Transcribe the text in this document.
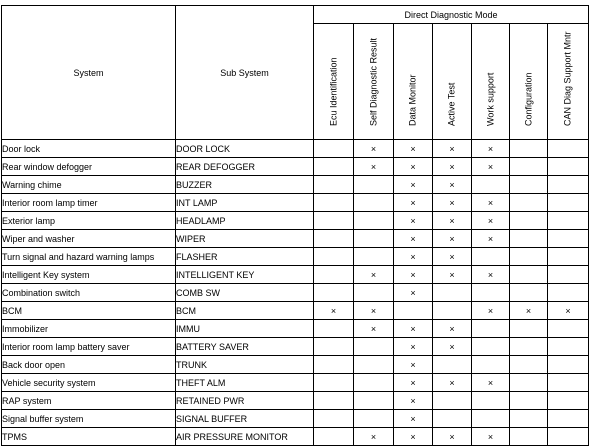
System	Sub System	Direct Diagnostic Mode						

		Ecu Identification	Self Diagnostic Result	Data Monitor	Active Test	Work support	Configuration	CAN Diag Support Mntr

Door lock	DOOR LOCK		×	×	×	×		
Rear window defogger	REAR DEFOGGER		×	×	×	×		
Warning chime	BUZZER			×	×			
Interior room lamp timer	INT LAMP			×	×	×		
Exterior lamp	HEADLAMP			×	×	×		
Wiper and washer	WIPER			×	×	×		
Turn signal and hazard warning lamps	FLASHER			×	×			
Intelligent Key system	INTELLIGENT KEY		×	×	×	×		
Combination switch	COMB SW			×				
BCM	BCM	×	×			×	×	×
Immobilizer	IMMU		×	×	×			
Interior room lamp battery saver	BATTERY SAVER			×	×			
Back door open	TRUNK			×				
Vehicle security system	THEFT ALM			×	×	×		
RAP system	RETAINED PWR			×				
Signal buffer system	SIGNAL BUFFER			×				
TPMS	AIR PRESSURE MONITOR		×	×	×	×		
